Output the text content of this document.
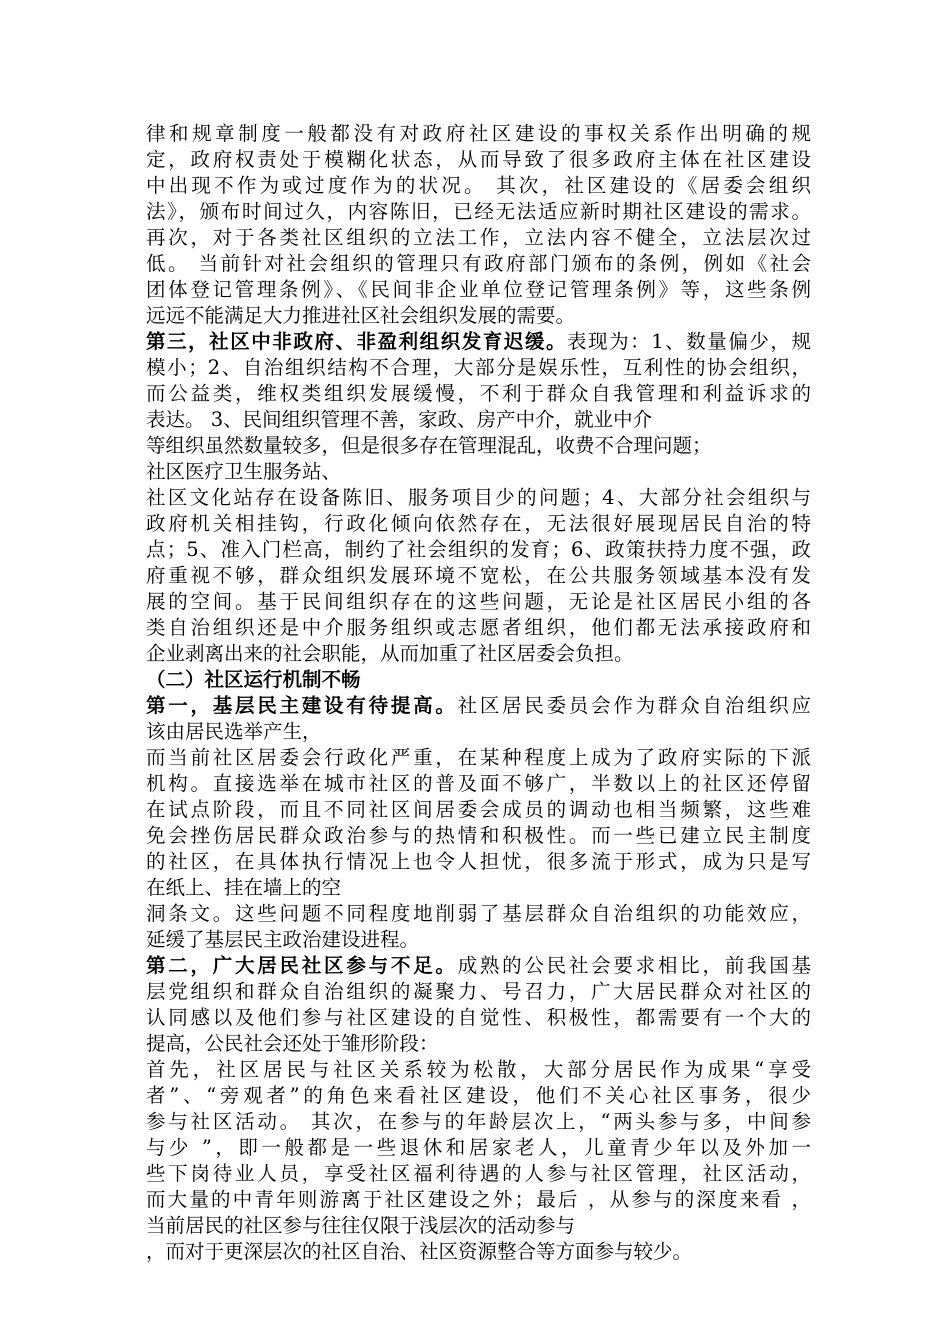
律和规章制度一般都没有对政府社区建设的事权关系作出明确的规
定，政府权责处于模糊化状态，从而导致了很多政府主体在社区建设
中出现不作为或过度作为的状况。 其次，社区建设的《居委会组织
法》，颁布时间过久，内容陈旧，已经无法适应新时期社区建设的需求。
再次，对于各类社区组织的立法工作，立法内容不健全，立法层次过
低。 当前针对社会组织的管理只有政府部门颁布的条例，例如《社会
团体登记管理条例》、《民间非企业单位登记管理条例》等，这些条例
远远不能满足大力推进社区社会组织发展的需要。
第三，社区中非政府、非盈利组织发育迟缓。表现为：1、数量偏少，规
模小；2、自治组织结构不合理，大部分是娱乐性，互利性的协会组织，
而公益类，维权类组织发展缓慢，不利于群众自我管理和利益诉求的
表达。 3、民间组织管理不善，家政、房产中介，就业中介
等组织虽然数量较多，但是很多存在管理混乱，收费不合理问题；
社区医疗卫生服务站、
社区文化站存在设备陈旧、服务项目少的问题；4、大部分社会组织与
政府机关相挂钩，行政化倾向依然存在，无法很好展现居民自治的特
点；5、准入门栏高，制约了社会组织的发育；6、政策扶持力度不强，政
府重视不够，群众组织发展环境不宽松，在公共服务领域基本没有发
展的空间。基于民间组织存在的这些问题，无论是社区居民小组的各
类自治组织还是中介服务组织或志愿者组织，他们都无法承接政府和
企业剥离出来的社会职能，从而加重了社区居委会负担。
（二）社区运行机制不畅
第一，基层民主建设有待提高。社区居民委员会作为群众自治组织应
该由居民选举产生，
而当前社区居委会行政化严重，在某种程度上成为了政府实际的下派
机构。直接选举在城市社区的普及面不够广，半数以上的社区还停留
在试点阶段，而且不同社区间居委会成员的调动也相当频繁，这些难
免会挫伤居民群众政治参与的热情和积极性。而一些已建立民主制度
的社区，在具体执行情况上也令人担忧，很多流于形式，成为只是写
在纸上、挂在墙上的空
洞条文。这些问题不同程度地削弱了基层群众自治组织的功能效应，
延缓了基层民主政治建设进程。
第二，广大居民社区参与不足。成熟的公民社会要求相比，前我国基
层党组织和群众自治组织的凝聚力、号召力，广大居民群众对社区的
认同感以及他们参与社区建设的自觉性、积极性，都需要有一个大的
提高，公民社会还处于雏形阶段：
首先，社区居民与社区关系较为松散，大部分居民作为成果“享受
者”、“旁观者”的角色来看社区建设，他们不关心社区事务，很少
参与社区活动。 其次，在参与的年龄层次上，“两头参与多，中间参
与少 ”，即一般都是一些退休和居家老人，儿童青少年以及外加一
些下岗待业人员，享受社区福利待遇的人参与社区管理，社区活动，
而大量的中青年则游离于社区建设之外；最后 ，从参与的深度来看 ，
当前居民的社区参与往往仅限于浅层次的活动参与
，而对于更深层次的社区自治、社区资源整合等方面参与较少。
